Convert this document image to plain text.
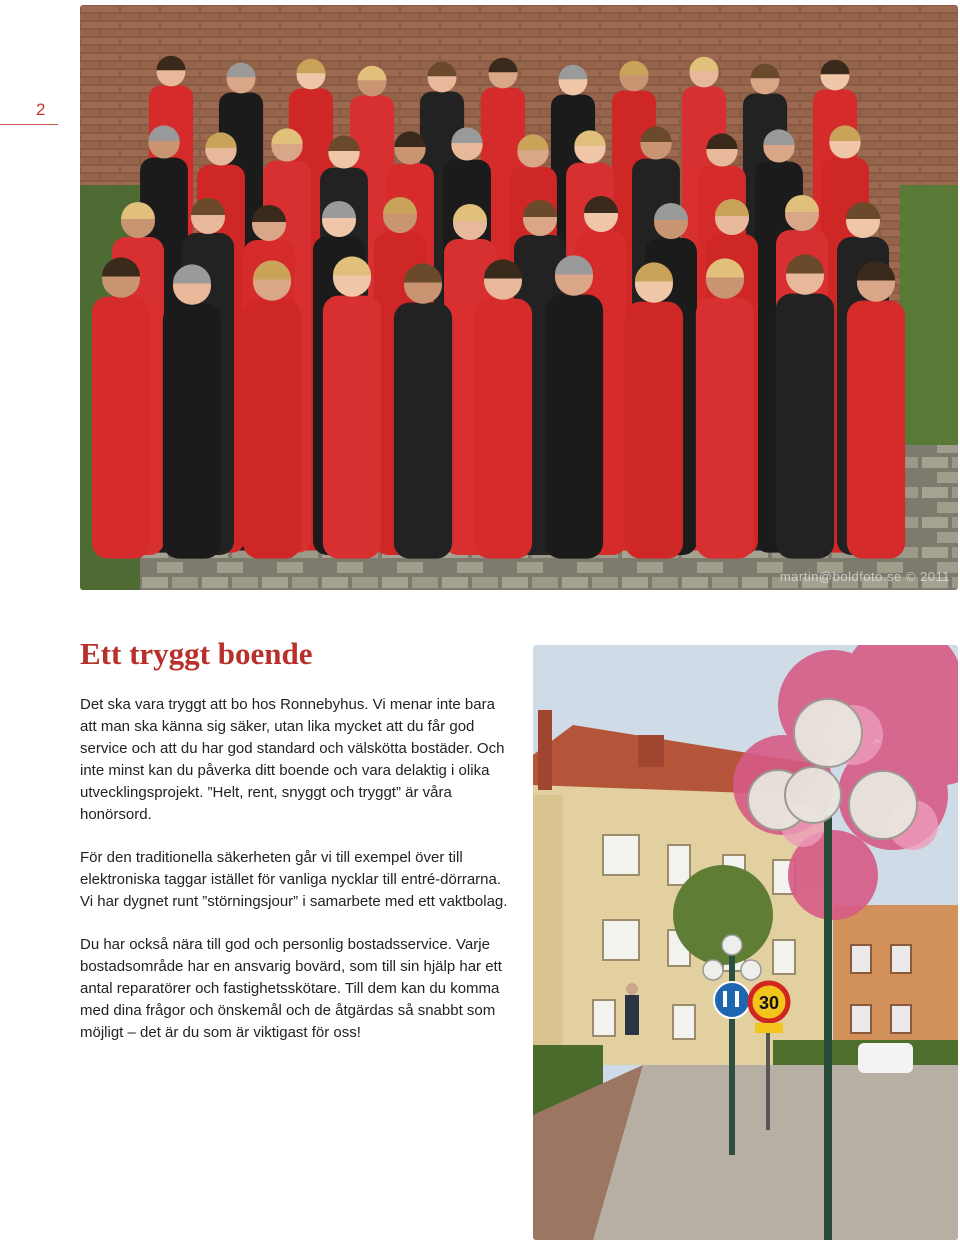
2
martin@boldfoto.se © 2011
Ett tryggt boende

Det ska vara tryggt att bo hos Ronnebyhus. Vi menar inte bara att man ska känna sig säker, utan lika mycket att du får god service och att du har god standard och välskötta bostäder. Och inte minst kan du påverka ditt boende och vara delaktig i olika utvecklingsprojekt. ”Helt, rent, snyggt och tryggt” är våra honörsord.

För den traditionella säkerheten går vi till exempel över till elektroniska taggar istället för vanliga nycklar till entré-dörrarna. Vi har dygnet runt ”störningsjour” i samarbete med ett vaktbolag.

Du har också nära till god och personlig bostadsservice. Varje bostadsområde har en ansvarig bovärd, som till sin hjälp har ett antal reparatörer och fastighetsskötare. Till dem kan du komma med dina frågor och önskemål och de åtgärdas så snabbt som möjligt – det är du som är viktigast för oss!

30
